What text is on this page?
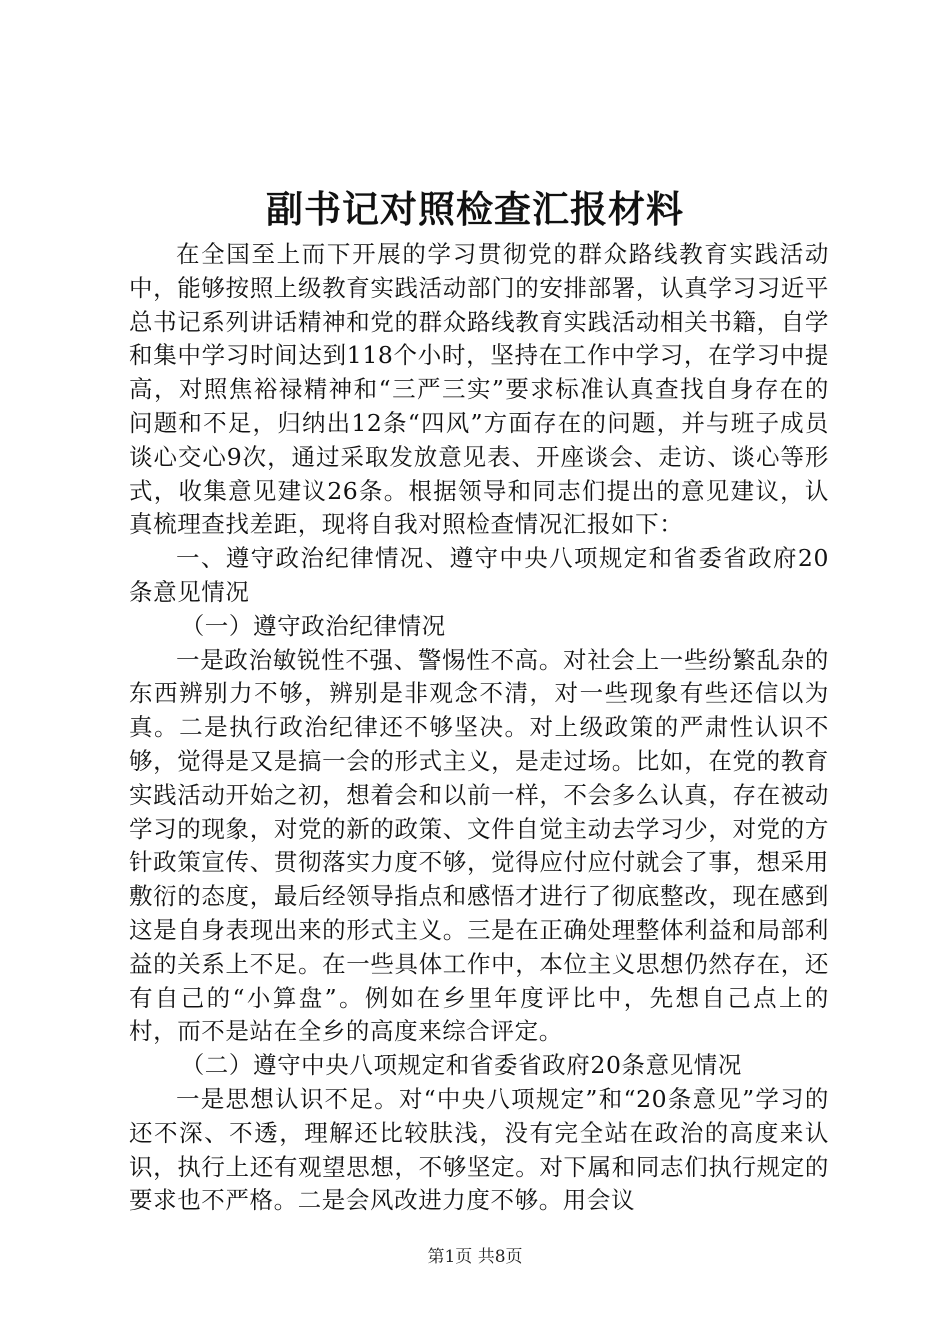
副书记对照检查汇报材料

在全国至上而下开展的学习贯彻党的群众路线教育实践活动中，能够按照上级教育实践活动部门的安排部署，认真学习习近平总书记系列讲话精神和党的群众路线教育实践活动相关书籍，自学和集中学习时间达到118个小时，坚持在工作中学习，在学习中提高，对照焦裕禄精神和“三严三实”要求标准认真查找自身存在的问题和不足，归纳出12条“四风”方面存在的问题，并与班子成员谈心交心9次，通过采取发放意见表、开座谈会、走访、谈心等形式，收集意见建议26条。根据领导和同志们提出的意见建议，认真梳理查找差距，现将自我对照检查情况汇报如下：

一、遵守政治纪律情况、遵守中央八项规定和省委省政府20条意见情况

（一）遵守政治纪律情况

一是政治敏锐性不强、警惕性不高。对社会上一些纷繁乱杂的东西辨别力不够，辨别是非观念不清，对一些现象有些还信以为真。二是执行政治纪律还不够坚决。对上级政策的严肃性认识不够，觉得是又是搞一会的形式主义，是走过场。比如，在党的教育实践活动开始之初，想着会和以前一样，不会多么认真，存在被动学习的现象，对党的新的政策、文件自觉主动去学习少，对党的方针政策宣传、贯彻落实力度不够，觉得应付应付就会了事，想采用敷衍的态度，最后经领导指点和感悟才进行了彻底整改，现在感到这是自身表现出来的形式主义。三是在正确处理整体利益和局部利益的关系上不足。在一些具体工作中，本位主义思想仍然存在，还有自己的“小算盘”。例如在乡里年度评比中，先想自己点上的村，而不是站在全乡的高度来综合评定。

（二）遵守中央八项规定和省委省政府20条意见情况

一是思想认识不足。对“中央八项规定”和“20条意见”学习的还不深、不透，理解还比较肤浅，没有完全站在政治的高度来认识，执行上还有观望思想，不够坚定。对下属和同志们执行规定的要求也不严格。二是会风改进力度不够。用会议

第1页 共8页
